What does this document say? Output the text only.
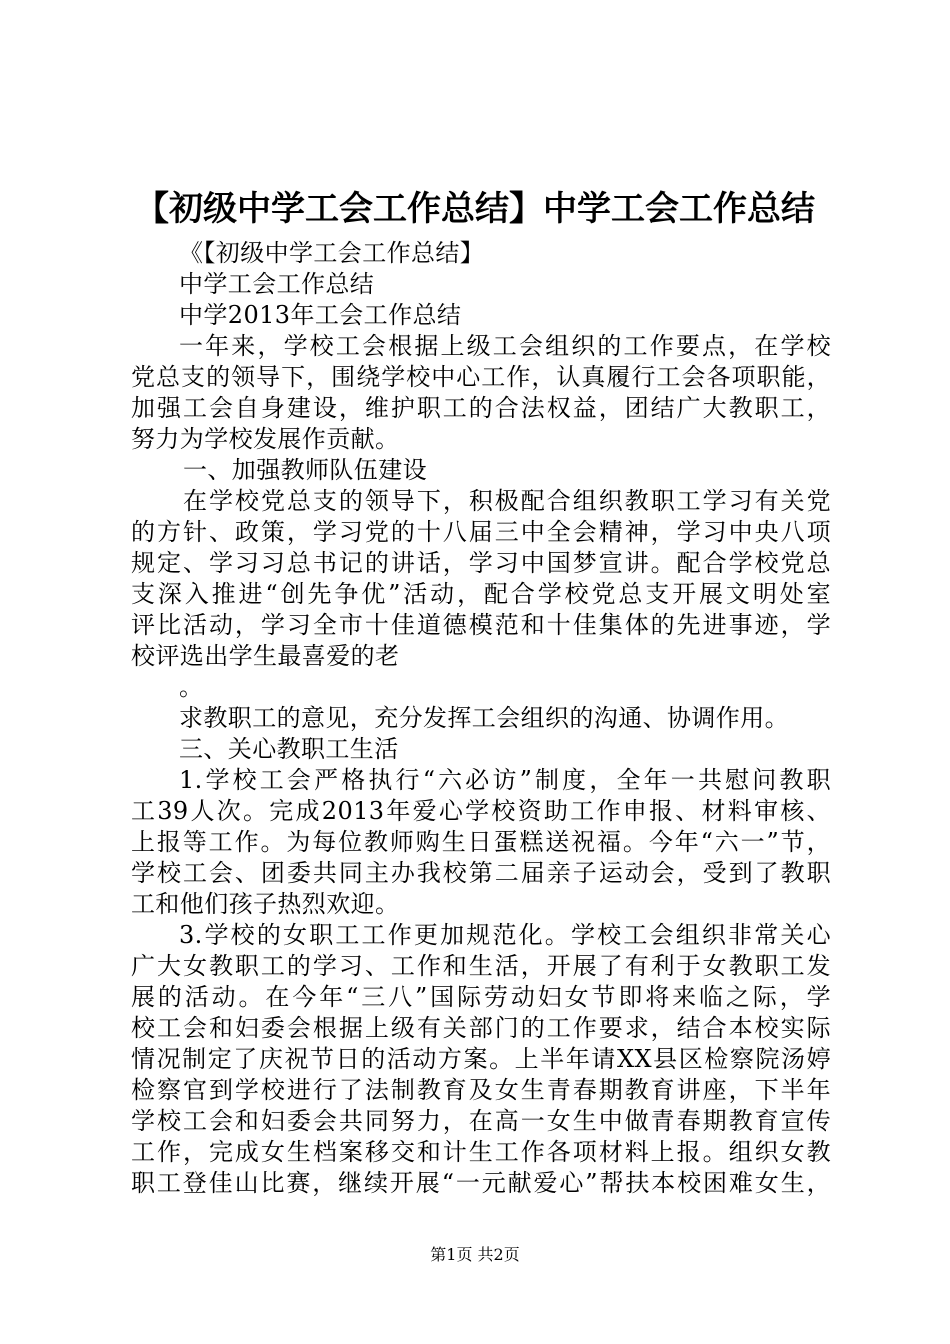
【初级中学工会工作总结】中学工会工作总结
《【初级中学工会工作总结】
中学工会工作总结
中学2013年工会工作总结
一年来，学校工会根据上级工会组织的工作要点，在学校
党总支的领导下，围绕学校中心工作，认真履行工会各项职能，
加强工会自身建设，维护职工的合法权益，团结广大教职工，
努力为学校发展作贡献。
一、加强教师队伍建设
在学校党总支的领导下，积极配合组织教职工学习有关党
的方针、政策，学习党的十八届三中全会精神，学习中央八项
规定、学习习总书记的讲话，学习中国梦宣讲。配合学校党总
支深入推进“创先争优”活动，配合学校党总支开展文明处室
评比活动，学习全市十佳道德模范和十佳集体的先进事迹，学
校评选出学生最喜爱的老
。
求教职工的意见，充分发挥工会组织的沟通、协调作用。
三、关心教职工生活
1.学校工会严格执行“六必访”制度，全年一共慰问教职
工39人次。完成2013年爱心学校资助工作申报、材料审核、
上报等工作。为每位教师购生日蛋糕送祝福。今年“六一”节，
学校工会、团委共同主办我校第二届亲子运动会，受到了教职
工和他们孩子热烈欢迎。
3.学校的女职工工作更加规范化。学校工会组织非常关心
广大女教职工的学习、工作和生活，开展了有利于女教职工发
展的活动。在今年“三八”国际劳动妇女节即将来临之际，学
校工会和妇委会根据上级有关部门的工作要求，结合本校实际
情况制定了庆祝节日的活动方案。上半年请XX县区检察院汤婷
检察官到学校进行了法制教育及女生青春期教育讲座，下半年
学校工会和妇委会共同努力，在高一女生中做青春期教育宣传
工作，完成女生档案移交和计生工作各项材料上报。组织女教
职工登佳山比赛，继续开展“一元献爱心”帮扶本校困难女生，
第1页 共2页
